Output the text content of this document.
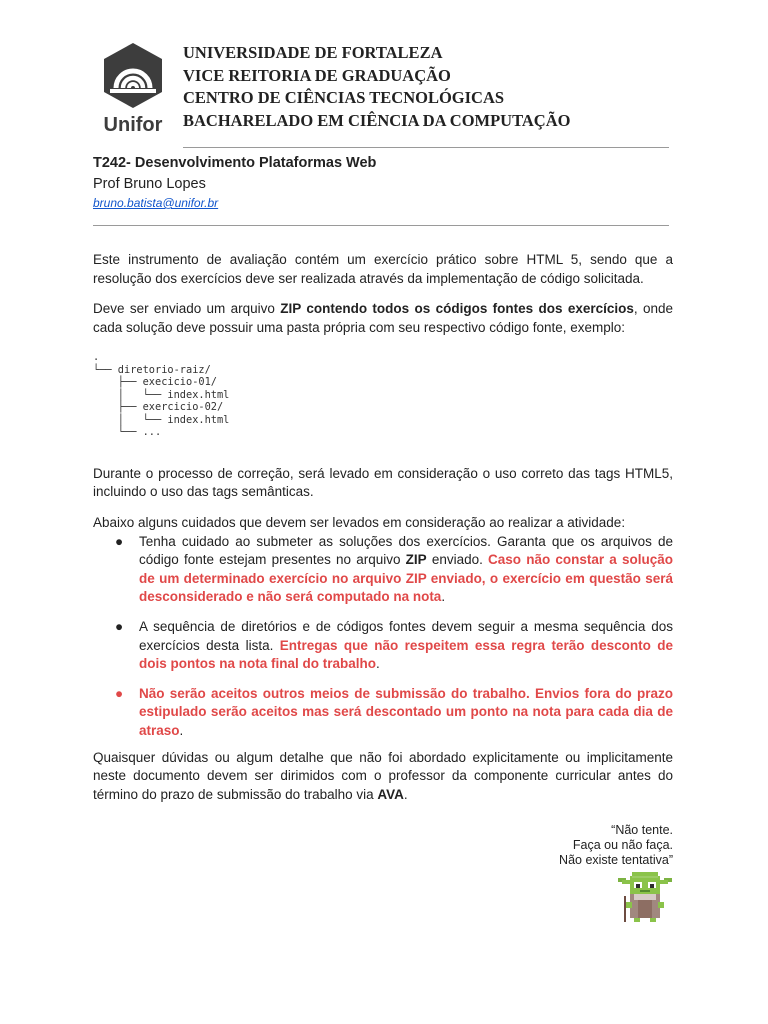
Unifor
UNIVERSIDADE DE FORTALEZA
VICE REITORIA DE GRADUAÇÃO
CENTRO DE CIÊNCIAS TECNOLÓGICAS
BACHARELADO EM CIÊNCIA DA COMPUTAÇÃO
T242- Desenvolvimento Plataformas Web
Prof Bruno Lopes
bruno.batista@unifor.br

Este instrumento de avaliação contém um exercício prático sobre HTML 5, sendo que a resolução dos exercícios deve ser realizada através da implementação de código solicitada.

Deve ser enviado um arquivo ZIP contendo todos os códigos fontes dos exercícios, onde cada solução deve possuir uma pasta própria com seu respectivo código fonte, exemplo:

.
└── diretorio-raiz/
├── execicio-01/
│   └── index.html
├── exercicio-02/
│   └── index.html
└── ...

Durante o processo de correção, será levado em consideração o uso correto das tags HTML5, incluindo o uso das tags semânticas.

Abaixo alguns cuidados que devem ser levados em consideração ao realizar a atividade:

● Tenha cuidado ao submeter as soluções dos exercícios. Garanta que os arquivos de código fonte estejam presentes no arquivo ZIP enviado. Caso não constar a solução de um determinado exercício no arquivo ZIP enviado, o exercício em questão será desconsiderado e não será computado na nota.
● A sequência de diretórios e de códigos fontes devem seguir a mesma sequência dos exercícios desta lista. Entregas que não respeitem essa regra terão desconto de dois pontos na nota final do trabalho.
● Não serão aceitos outros meios de submissão do trabalho. Envios fora do prazo estipulado serão aceitos mas será descontado um ponto na nota para cada dia de atraso.

Quaisquer dúvidas ou algum detalhe que não foi abordado explicitamente ou implicitamente neste documento devem ser dirimidos com o professor da componente curricular antes do término do prazo de submissão do trabalho via AVA.

“Não tente.
Faça ou não faça.
Não existe tentativa”
